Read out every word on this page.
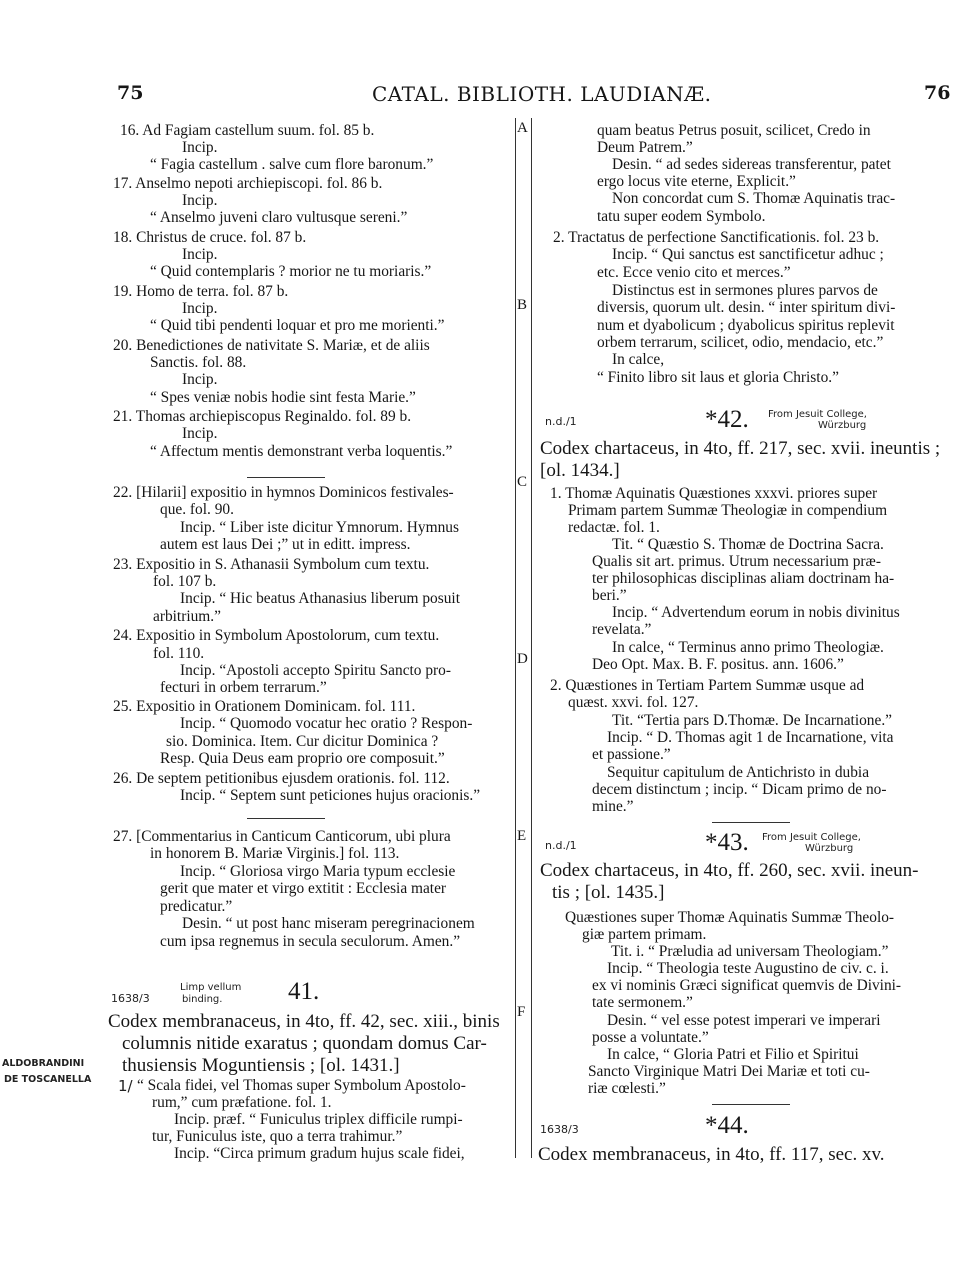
75	CATAL. BIBLIOTH. LAUDIANÆ.	76
A
B
C
D
E
F
16. Ad Fagiam castellum suum. fol. 85 b.
Incip.
“ Fagia castellum . salve cum flore baronum.”
17. Anselmo nepoti archiepiscopi. fol. 86 b.
Incip.
“ Anselmo juveni claro vultusque sereni.”
18. Christus de cruce. fol. 87 b.
Incip.
“ Quid contemplaris ? morior ne tu moriaris.”
19. Homo de terra. fol. 87 b.
Incip.
“ Quid tibi pendenti loquar et pro me morienti.”
20. Benedictiones de nativitate S. Mariæ, et de aliis
Sanctis. fol. 88.
Incip.
“ Spes veniæ nobis hodie sint festa Marie.”
21. Thomas archiepiscopus Reginaldo. fol. 89 b.
Incip.
“ Affectum mentis demonstrant verba loquentis.”
22. [Hilarii] expositio in hymnos Dominicos festivales-
que. fol. 90.
Incip. “ Liber iste dicitur Ymnorum. Hymnus
autem est laus Dei ;” ut in editt. impress.
23. Expositio in S. Athanasii Symbolum cum textu.
fol. 107 b.
Incip. “ Hic beatus Athanasius liberum posuit
arbitrium.”
24. Expositio in Symbolum Apostolorum, cum textu.
fol. 110.
Incip. “Apostoli accepto Spiritu Sancto pro-
fecturi in orbem terrarum.”
25. Expositio in Orationem Dominicam. fol. 111.
Incip. “ Quomodo vocatur hec oratio ? Respon-
sio. Dominica. Item. Cur dicitur Dominica ?
Resp. Quia Deus eam proprio ore composuit.”
26. De septem petitionibus ejusdem orationis. fol. 112.
Incip. “ Septem sunt peticiones hujus oracionis.”
27. [Commentarius in Canticum Canticorum, ubi plura
in honorem B. Mariæ Virginis.] fol. 113.
Incip. “ Gloriosa virgo Maria typum ecclesie
gerit que mater et virgo extitit : Ecclesia mater
predicatur.”
Desin. “ ut post hanc miseram peregrinacionem
cum ipsa regnemus in secula seculorum. Amen.”
1638/3
Limp vellum
binding.	41.
Codex membranaceus, in 4to, ff. 42, sec. xiii., binis
columnis nitide exaratus ; quondam domus Car-
thusiensis Moguntiensis ; [ol. 1431.]
ALDOBRANDINI
DE TOSCANELLA 1/ “ Scala fidei, vel Thomas super Symbolum Apostolo-
rum,” cum præfatione. fol. 1.
Incip. præf. “ Funiculus triplex difficile rumpi-
tur, Funiculus iste, quo a terra trahimur.”
Incip. “Circa primum gradum hujus scale fidei,
quam beatus Petrus posuit, scilicet, Credo in
Deum Patrem.”
Desin. “ ad sedes sidereas transferentur, patet
ergo locus vite eterne, Explicit.”
Non concordat cum S. Thomæ Aquinatis trac-
tatu super eodem Symbolo.
2. Tractatus de perfectione Sanctificationis. fol. 23 b.
Incip. “ Qui sanctus est sanctificetur adhuc ;
etc. Ecce venio cito et merces.”
Distinctus est in sermones plures parvos de
diversis, quorum ult. desin. “ inter spiritum divi-
num et dyabolicum ; dyabolicus spiritus replevit
orbem terrarum, scilicet, odio, mendacio, etc.”
In calce,
“ Finito libro sit laus et gloria Christo.”
n.d./1	*42. From Jesuit College,
Würzburg
Codex chartaceus, in 4to, ff. 217, sec. xvii. ineuntis ;
[ol. 1434.]
1. Thomæ Aquinatis Quæstiones xxxvi. priores super
Primam partem Summæ Theologiæ in compendium
redactæ. fol. 1.
Tit. “ Quæstio S. Thomæ de Doctrina Sacra.
Qualis sit art. primus. Utrum necessarium præ-
ter philosophicas disciplinas aliam doctrinam ha-
beri.”
Incip. “ Advertendum eorum in nobis divinitus
revelata.”
In calce, “ Terminus anno primo Theologiæ.
Deo Opt. Max. B. F. positus. ann. 1606.”
2. Quæstiones in Tertiam Partem Summæ usque ad
quæst. xxvi. fol. 127.
Tit. “Tertia pars D.Thomæ. De Incarnatione.”
Incip. “ D. Thomas agit 1 de Incarnatione, vita
et passione.”
Sequitur capitulum de Antichristo in dubia
decem distinctum ; incip. “ Dicam primo de no-
mine.”
n.d./1	*43. From Jesuit College,
Würzburg
Codex chartaceus, in 4to, ff. 260, sec. xvii. ineun-
tis ; [ol. 1435.]
Quæstiones super Thomæ Aquinatis Summæ Theolo-
giæ partem primam.
Tit. i. “ Præludia ad universam Theologiam.”
Incip. “ Theologia teste Augustino de civ. c. i.
ex vi nominis Græci significat quemvis de Divini-
tate sermonem.”
Desin. “ vel esse potest imperari ve imperari
posse a voluntate.”
In calce, “ Gloria Patri et Filio et Spiritui
Sancto Virginique Matri Dei Mariæ et toti cu-
riæ cœlesti.”
1638/3	*44.
Codex membranaceus, in 4to, ff. 117, sec. xv.
